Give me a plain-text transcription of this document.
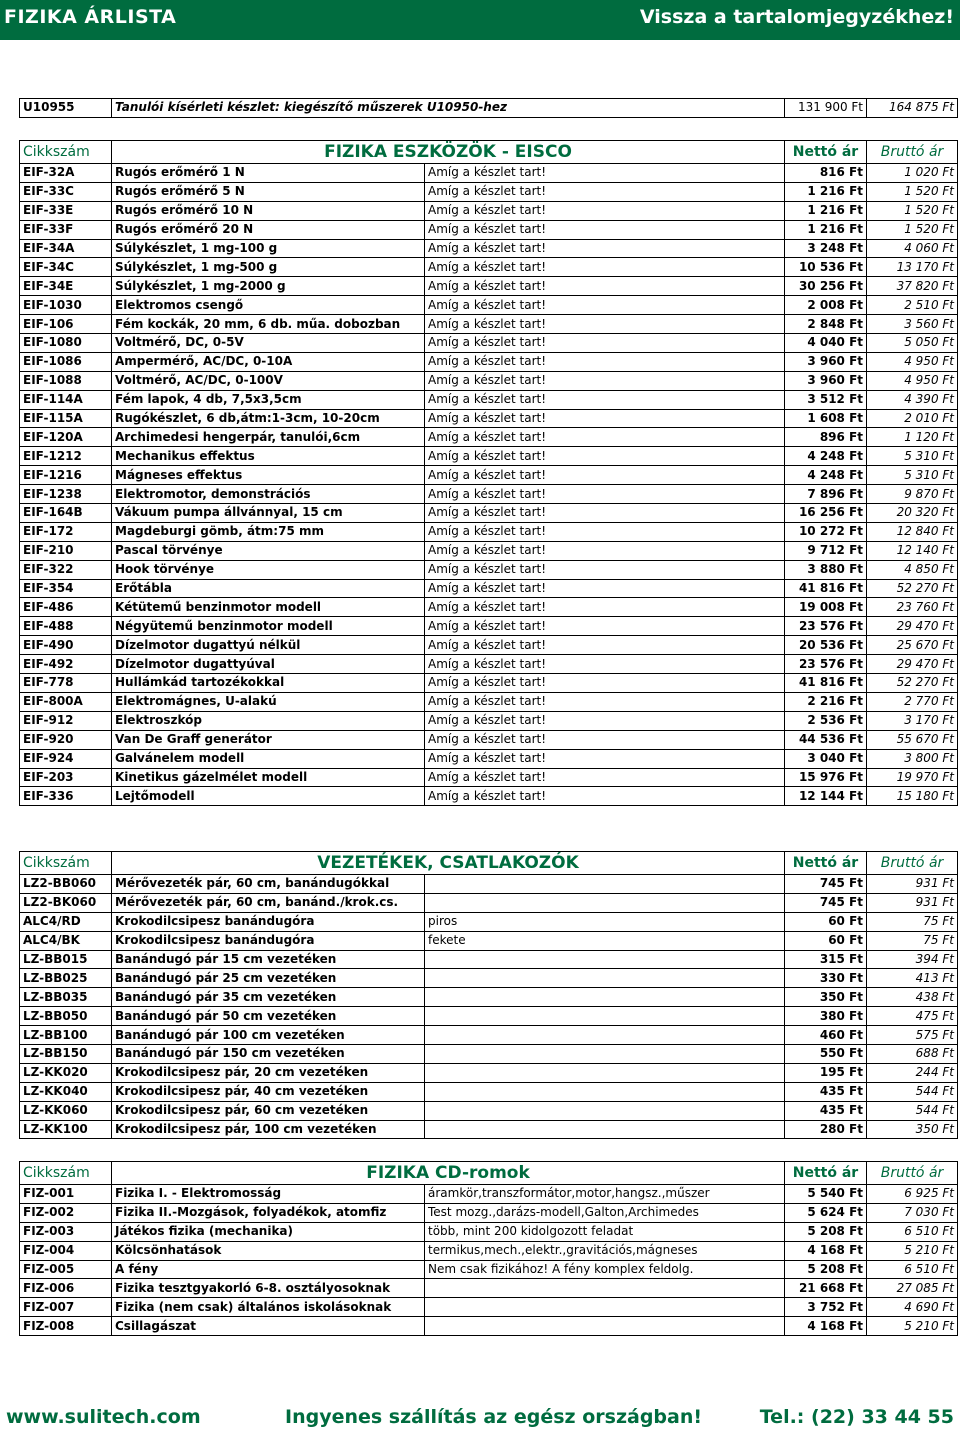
FIZIKA ÁRLISTA	Vissza a tartalomjegyzékhez!
U10955	Tanulói kísérleti készlet: kiegészítő műszerek U10950-hez	131 900 Ft	164 875 Ft
Cikkszám	FIZIKA ESZKÖZÖK - EISCO		Nettó ár	Bruttó ár
EIF-32A	Rugós erőmérő 1 N	Amíg a készlet tart!	816 Ft	1 020 Ft
EIF-33C	Rugós erőmérő 5 N	Amíg a készlet tart!	1 216 Ft	1 520 Ft
EIF-33E	Rugós erőmérő 10 N	Amíg a készlet tart!	1 216 Ft	1 520 Ft
EIF-33F	Rugós erőmérő 20 N	Amíg a készlet tart!	1 216 Ft	1 520 Ft
EIF-34A	Súlykészlet, 1 mg-100 g	Amíg a készlet tart!	3 248 Ft	4 060 Ft
EIF-34C	Súlykészlet, 1 mg-500 g	Amíg a készlet tart!	10 536 Ft	13 170 Ft
EIF-34E	Súlykészlet, 1 mg-2000 g	Amíg a készlet tart!	30 256 Ft	37 820 Ft
EIF-1030	Elektromos csengő	Amíg a készlet tart!	2 008 Ft	2 510 Ft
EIF-106	Fém kockák, 20 mm, 6 db. műa. dobozban	Amíg a készlet tart!	2 848 Ft	3 560 Ft
EIF-1080	Voltmérő, DC, 0-5V	Amíg a készlet tart!	4 040 Ft	5 050 Ft
EIF-1086	Ampermérő, AC/DC, 0-10A	Amíg a készlet tart!	3 960 Ft	4 950 Ft
EIF-1088	Voltmérő, AC/DC, 0-100V	Amíg a készlet tart!	3 960 Ft	4 950 Ft
EIF-114A	Fém lapok, 4 db, 7,5x3,5cm	Amíg a készlet tart!	3 512 Ft	4 390 Ft
EIF-115A	Rugókészlet, 6 db,átm:1-3cm, 10-20cm	Amíg a készlet tart!	1 608 Ft	2 010 Ft
EIF-120A	Archimedesi hengerpár, tanulói,6cm	Amíg a készlet tart!	896 Ft	1 120 Ft
EIF-1212	Mechanikus effektus	Amíg a készlet tart!	4 248 Ft	5 310 Ft
EIF-1216	Mágneses effektus	Amíg a készlet tart!	4 248 Ft	5 310 Ft
EIF-1238	Elektromotor, demonstrációs	Amíg a készlet tart!	7 896 Ft	9 870 Ft
EIF-164B	Vákuum pumpa állvánnyal, 15 cm	Amíg a készlet tart!	16 256 Ft	20 320 Ft
EIF-172	Magdeburgi gömb, átm:75 mm	Amíg a készlet tart!	10 272 Ft	12 840 Ft
EIF-210	Pascal törvénye	Amíg a készlet tart!	9 712 Ft	12 140 Ft
EIF-322	Hook törvénye	Amíg a készlet tart!	3 880 Ft	4 850 Ft
EIF-354	Erőtábla	Amíg a készlet tart!	41 816 Ft	52 270 Ft
EIF-486	Kétütemű benzinmotor modell	Amíg a készlet tart!	19 008 Ft	23 760 Ft
EIF-488	Négyütemű benzinmotor modell	Amíg a készlet tart!	23 576 Ft	29 470 Ft
EIF-490	Dízelmotor dugattyú nélkül	Amíg a készlet tart!	20 536 Ft	25 670 Ft
EIF-492	Dízelmotor dugattyúval	Amíg a készlet tart!	23 576 Ft	29 470 Ft
EIF-778	Hullámkád tartozékokkal	Amíg a készlet tart!	41 816 Ft	52 270 Ft
EIF-800A	Elektromágnes, U-alakú	Amíg a készlet tart!	2 216 Ft	2 770 Ft
EIF-912	Elektroszkóp	Amíg a készlet tart!	2 536 Ft	3 170 Ft
EIF-920	Van De Graff generátor	Amíg a készlet tart!	44 536 Ft	55 670 Ft
EIF-924	Galvánelem modell	Amíg a készlet tart!	3 040 Ft	3 800 Ft
EIF-203	Kinetikus gázelmélet modell	Amíg a készlet tart!	15 976 Ft	19 970 Ft
EIF-336	Lejtőmodell	Amíg a készlet tart!	12 144 Ft	15 180 Ft
Cikkszám	VEZETÉKEK, CSATLAKOZÓK		Nettó ár	Bruttó ár
LZ2-BB060	Mérővezeték pár, 60 cm, banándugókkal		745 Ft	931 Ft
LZ2-BK060	Mérővezeték pár, 60 cm, banánd./krok.cs.		745 Ft	931 Ft
ALC4/RD	Krokodilcsipesz banándugóra	piros	60 Ft	75 Ft
ALC4/BK	Krokodilcsipesz banándugóra	fekete	60 Ft	75 Ft
LZ-BB015	Banándugó pár 15 cm vezetéken		315 Ft	394 Ft
LZ-BB025	Banándugó pár 25 cm vezetéken		330 Ft	413 Ft
LZ-BB035	Banándugó pár 35 cm vezetéken		350 Ft	438 Ft
LZ-BB050	Banándugó pár 50 cm vezetéken		380 Ft	475 Ft
LZ-BB100	Banándugó pár 100 cm vezetéken		460 Ft	575 Ft
LZ-BB150	Banándugó pár 150 cm vezetéken		550 Ft	688 Ft
LZ-KK020	Krokodilcsipesz pár, 20 cm vezetéken		195 Ft	244 Ft
LZ-KK040	Krokodilcsipesz pár, 40 cm vezetéken		435 Ft	544 Ft
LZ-KK060	Krokodilcsipesz pár, 60 cm vezetéken		435 Ft	544 Ft
LZ-KK100	Krokodilcsipesz pár, 100 cm vezetéken		280 Ft	350 Ft
Cikkszám	FIZIKA CD-romok		Nettó ár	Bruttó ár
FIZ-001	Fizika I. - Elektromosság	áramkör,transzformátor,motor,hangsz.,műszer	5 540 Ft	6 925 Ft
FIZ-002	Fizika II.-Mozgások, folyadékok, atomfiz	Test mozg.,darázs-modell,Galton,Archimedes	5 624 Ft	7 030 Ft
FIZ-003	Játékos fizika (mechanika)	több, mint 200 kidolgozott feladat	5 208 Ft	6 510 Ft
FIZ-004	Kölcsönhatások	termikus,mech.,elektr.,gravitációs,mágneses	4 168 Ft	5 210 Ft
FIZ-005	A fény	Nem csak fizikához! A fény komplex feldolg.	5 208 Ft	6 510 Ft
FIZ-006	Fizika tesztgyakorló 6-8. osztályosoknak		21 668 Ft	27 085 Ft
FIZ-007	Fizika (nem csak) általános iskolásoknak		3 752 Ft	4 690 Ft
FIZ-008	Csillagászat		4 168 Ft	5 210 Ft
www.sulitech.com	Ingyenes szállítás az egész országban!	Tel.: (22) 33 44 55
